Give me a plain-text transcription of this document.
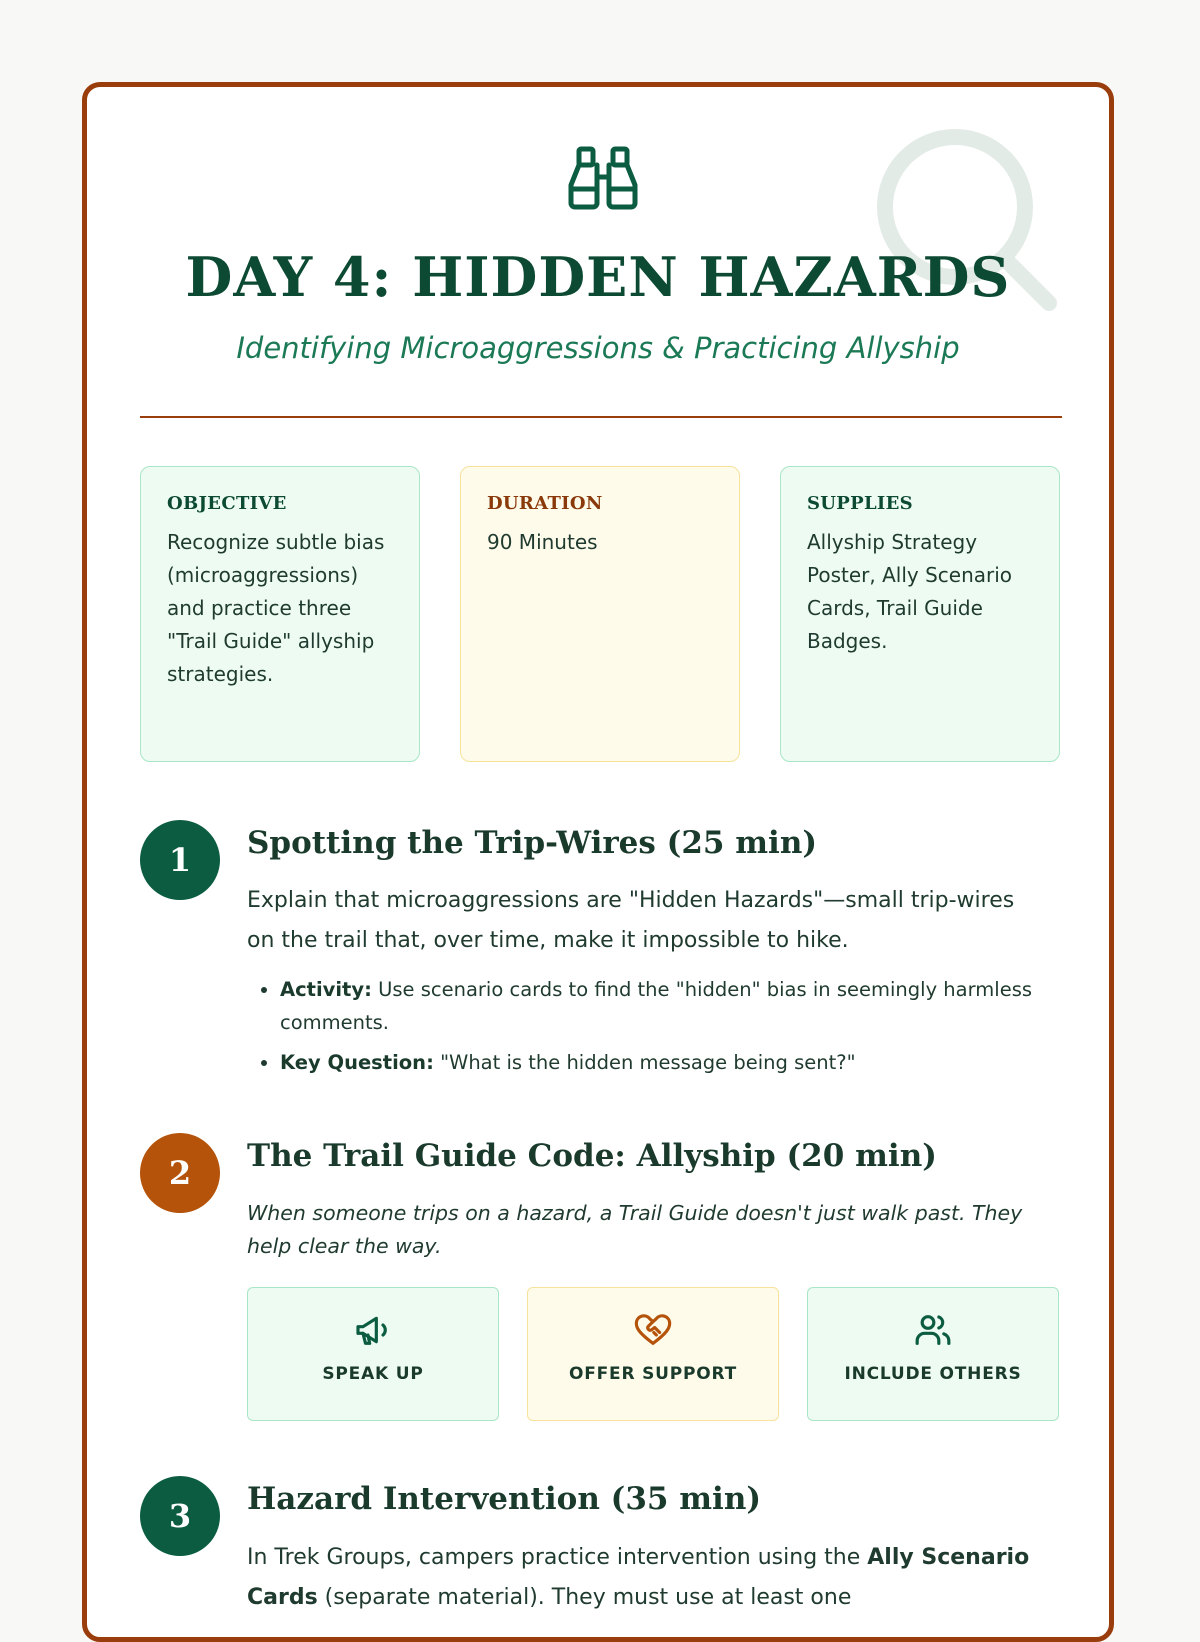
DAY 4: HIDDEN HAZARDS

Identifying Microaggressions & Practicing Allyship

OBJECTIVE

Recognize subtle bias (microaggressions) and practice three "Trail Guide" allyship strategies.

DURATION

90 Minutes

SUPPLIES

Allyship Strategy Poster, Ally Scenario Cards, Trail Guide Badges.

1	Spotting the Trip-Wires (25 min)

Explain that microaggressions are "Hidden Hazards"—small trip-wires on the trail that, over time, make it impossible to hike.

• Activity: Use scenario cards to find the "hidden" bias in seemingly harmless comments.
• Key Question: "What is the hidden message being sent?"
2	The Trail Guide Code: Allyship (20 min)

When someone trips on a hazard, a Trail Guide doesn't just walk past. They help clear the way.

SPEAK UP	OFFER SUPPORT	INCLUDE OTHERS
3	Hazard Intervention (35 min)

In Trek Groups, campers practice intervention using the Ally Scenario Cards (separate material). They must use at least one
